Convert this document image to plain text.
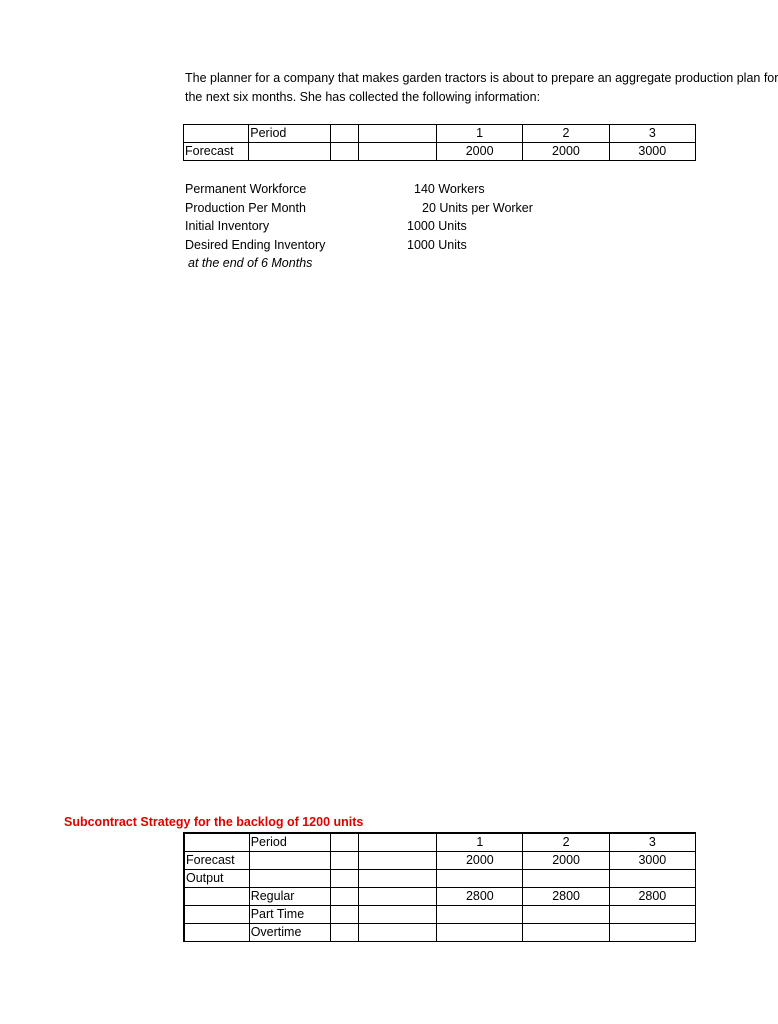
The planner for a company that makes garden tractors is about to prepare an aggregate production plan for
the next six months. She has collected the following information:
	Period			1	2	3
Forecast				2000	2000	3000
Permanent Workforce	140 Workers
Production Per Month	20 Units per Worker
Initial Inventory	1000 Units
Desired Ending Inventory	1000 Units
at the end of 6 Months
Subcontract Strategy for the backlog of 1200 units
	Period			1	2	3
Forecast				2000	2000	3000
Output						
	Regular			2800	2800	2800
	Part Time					
	Overtime					
